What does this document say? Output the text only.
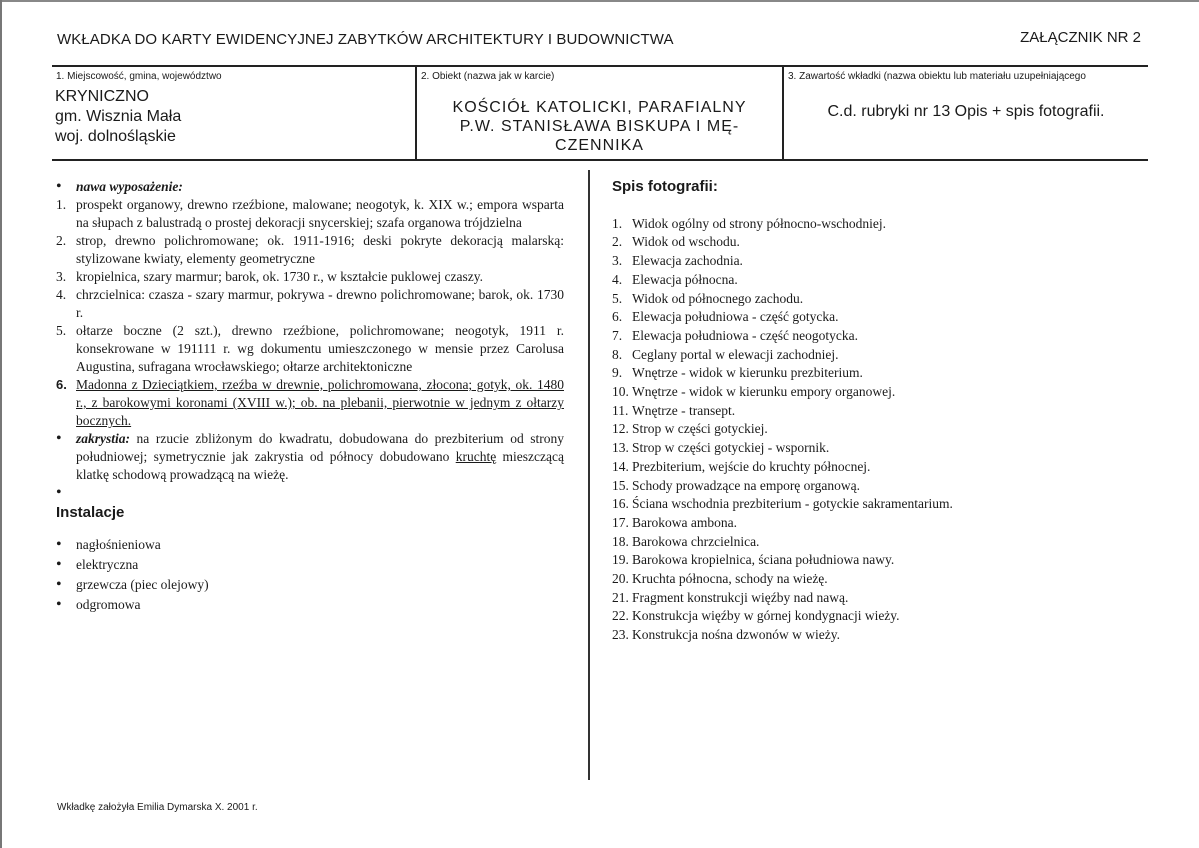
WKŁADKA DO KARTY EWIDENCYJNEJ ZABYTKÓW ARCHITEKTURY I BUDOWNICTWA	ZAŁĄCZNIK NR 2
1. Miejscowość, gmina, województwo
KRYNICZNO
gm. Wisznia Mała
woj. dolnośląskie
2. Obiekt (nazwa jak w karcie)
KOŚCIÓŁ KATOLICKI, PARAFIALNY
P.W. STANISŁAWA BISKUPA I MĘ-
CZENNIKA
3. Zawartość wkładki (nazwa obiektu lub materiału uzupełniającego
C.d. rubryki nr 13 Opis + spis fotografii.
• nawa wyposażenie:
1. prospekt organowy, drewno rzeźbione, malowane; neogotyk, k. XIX w.; empora wsparta na słupach z balustradą o prostej dekoracji snycerskiej; szafa organowa trójdzielna
2. strop, drewno polichromowane; ok. 1911-1916; deski pokryte dekoracją malarską: stylizowane kwiaty, elementy geometryczne
3. kropielnica, szary marmur; barok, ok. 1730 r., w kształcie puklowej czaszy.
4. chrzcielnica: czasza - szary marmur, pokrywa - drewno polichromowane; barok, ok. 1730 r.
5. ołtarze boczne (2 szt.), drewno rzeźbione, polichromowane; neogotyk, 1911 r. konsekrowane w 191111 r. wg dokumentu umieszczonego w mensie przez Carolusa Augustina, sufragana wrocławskiego; ołtarze architektoniczne
6. Madonna z Dzieciątkiem, rzeźba w drewnie, polichromowana, złocona; gotyk, ok. 1480 r., z barokowymi koronami (XVIII w.); ob. na plebanii, pierwotnie w jednym z ołtarzy bocznych.
• zakrystia: na rzucie zbliżonym do kwadratu, dobudowana do prezbiterium od strony południowej; symetrycznie jak zakrystia od północy dobudowano kruchtę mieszczącą klatkę schodową prowadzącą na wieżę.
•
Instalacje
• nagłośnieniowa
• elektryczna
• grzewcza (piec olejowy)
• odgromowa
Spis fotografii:
1. Widok ogólny od strony północno-wschodniej.
2. Widok od wschodu.
3. Elewacja zachodnia.
4. Elewacja północna.
5. Widok od północnego zachodu.
6. Elewacja południowa - część gotycka.
7. Elewacja południowa - część neogotycka.
8. Ceglany portal w elewacji zachodniej.
9. Wnętrze - widok w kierunku prezbiterium.
10. Wnętrze - widok w kierunku empory organowej.
11. Wnętrze - transept.
12. Strop w części gotyckiej.
13. Strop w części gotyckiej - wspornik.
14. Prezbiterium, wejście do kruchty północnej.
15. Schody prowadzące na emporę organową.
16. Ściana wschodnia prezbiterium - gotyckie sakramentarium.
17. Barokowa ambona.
18. Barokowa chrzcielnica.
19. Barokowa kropielnica, ściana południowa nawy.
20. Kruchta północna, schody na wieżę.
21. Fragment konstrukcji więźby nad nawą.
22. Konstrukcja więźby w górnej kondygnacji wieży.
23. Konstrukcja nośna dzwonów w wieży.
Wkładkę założyła Emilia Dymarska X. 2001 r.
